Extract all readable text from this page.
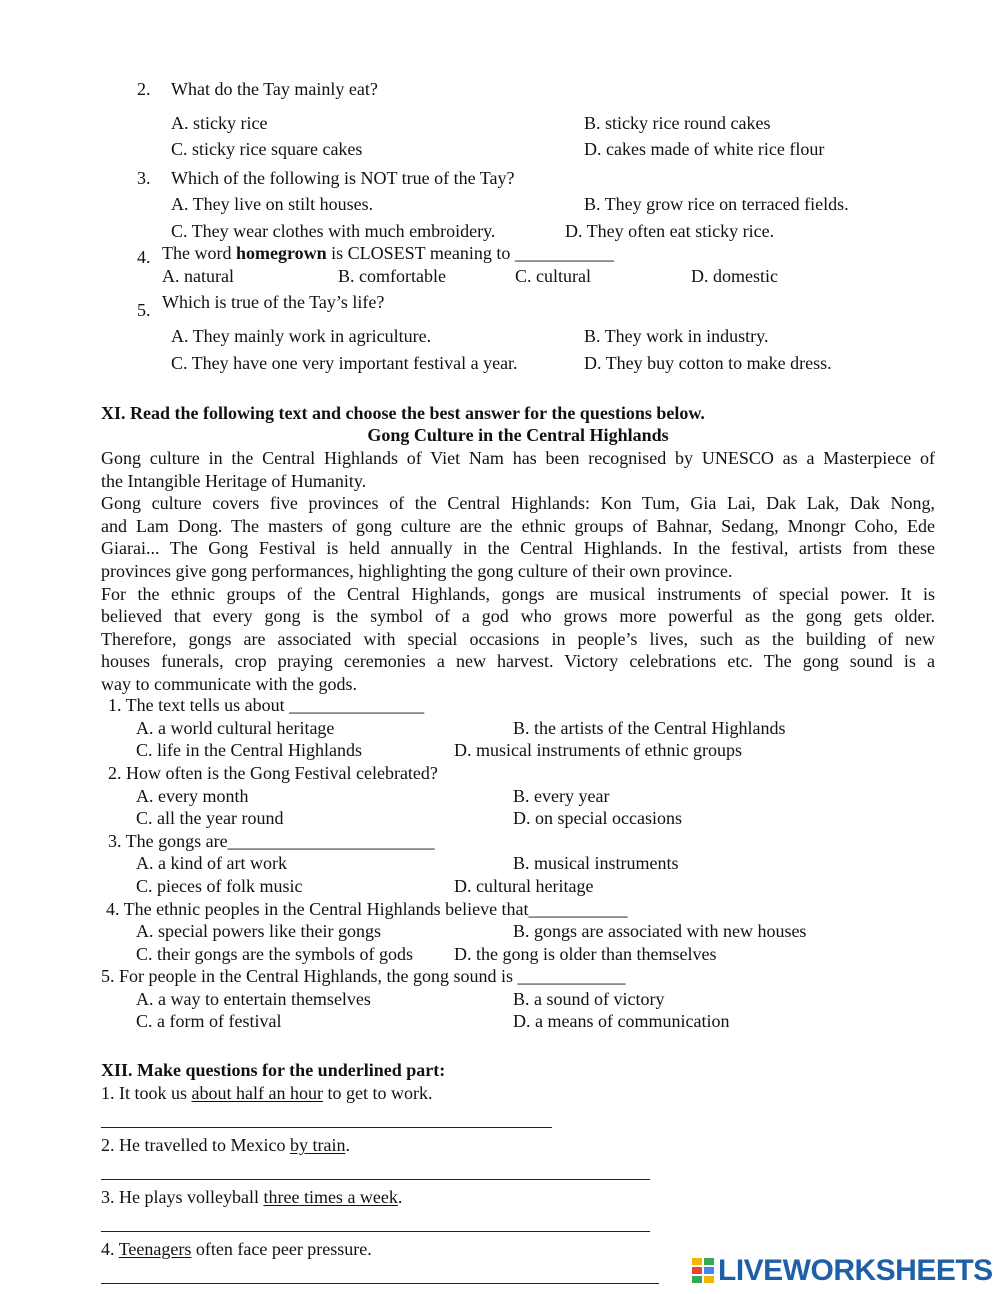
2. What do the Tay mainly eat?
A. sticky rice	B. sticky rice round cakes
C. sticky rice square cakes	D. cakes made of white rice flour
3. Which of the following is NOT true of the Tay?
A. They live on stilt houses.	B. They grow rice on terraced fields.
C. They wear clothes with much embroidery.	D. They often eat sticky rice.
4. The word homegrown is CLOSEST meaning to ___________
A. natural	B. comfortable	C. cultural	D. domestic
5. Which is true of the Tay’s life?
A. They mainly work in agriculture.	B. They work in industry.
C. They have one very important festival a year.	D. They buy cotton to make dress.
XI. Read the following text and choose the best answer for the questions below.
Gong Culture in the Central Highlands
Gong culture in the Central Highlands of Viet Nam has been recognised by UNESCO as a Masterpiece of
the Intangible Heritage of Humanity.
Gong culture covers five provinces of the Central Highlands: Kon Tum, Gia Lai, Dak Lak, Dak Nong,
and Lam Dong. The masters of gong culture are the ethnic groups of Bahnar, Sedang, Mnongr Coho, Ede
Giarai... The Gong Festival is held annually in the Central Highlands. In the festival, artists from these
provinces give gong performances, highlighting the gong culture of their own province.
For the ethnic groups of the Central Highlands, gongs are musical instruments of special power. It is
believed that every gong is the symbol of a god who grows more powerful as the gong gets older.
Therefore, gongs are associated with special occasions in people’s lives, such as the building of new
houses funerals, crop praying ceremonies a new harvest. Victory celebrations etc. The gong sound is a
way to communicate with the gods.
1. The text tells us about _______________
A. a world cultural heritage	B. the artists of the Central Highlands
C. life in the Central Highlands	D. musical instruments of ethnic groups
2. How often is the Gong Festival celebrated?
A. every month	B. every year
C. all the year round	D. on special occasions
3. The gongs are_______________________
A. a kind of art work	B. musical instruments
C. pieces of folk music	D. cultural heritage
4. The ethnic peoples in the Central Highlands believe that___________
A. special powers like their gongs	B. gongs are associated with new houses
C. their gongs are the symbols of gods D. the gong is older than themselves
5. For people in the Central Highlands, the gong sound is ____________
A. a way to entertain themselves	B. a sound of victory
C. a form of festival	D. a means of communication
XII. Make questions for the underlined part:
1. It took us about half an hour to get to work.
2. He travelled to Mexico by train.
3. He plays volleyball three times a week.
4. Teenagers often face peer pressure.
LIVEWORKSHEETS
